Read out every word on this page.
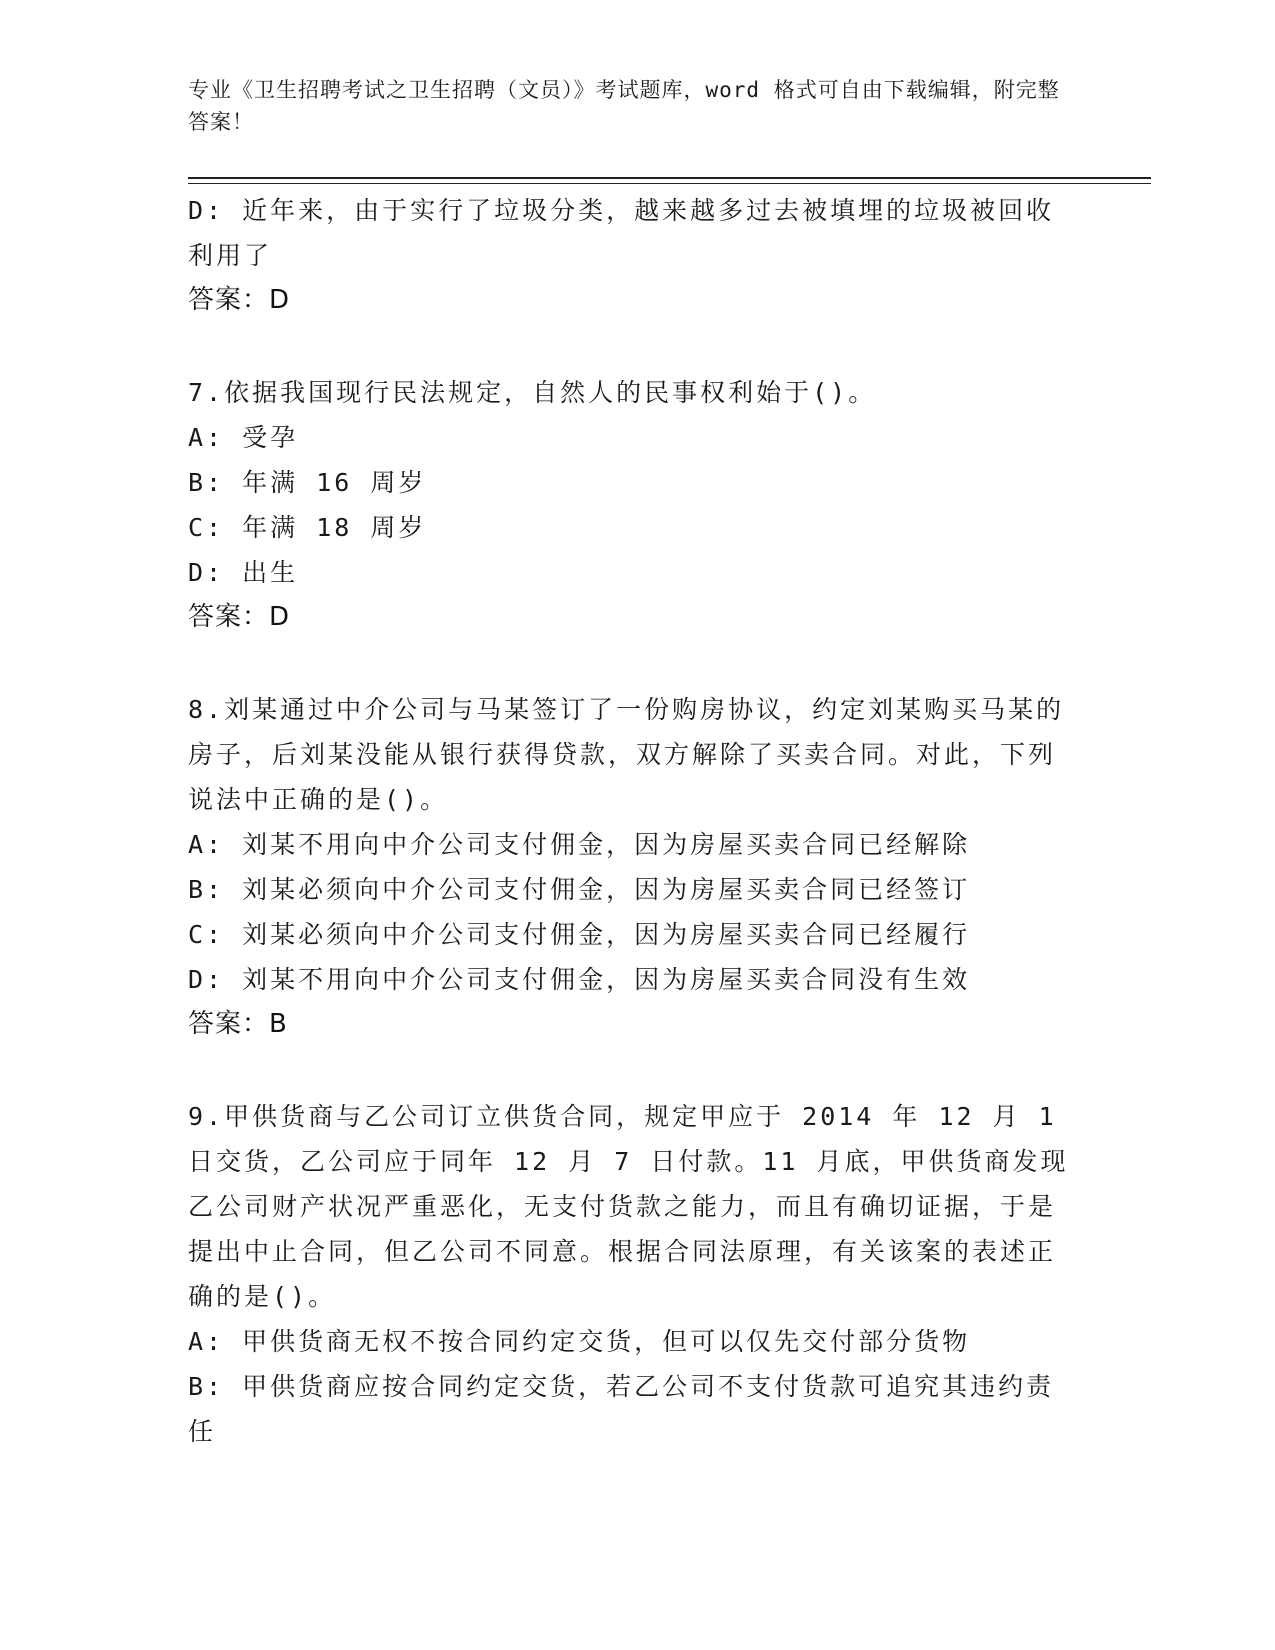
专业《卫生招聘考试之卫生招聘（文员）》考试题库，word 格式可自由下载编辑，附完整答案！
D: 近年来，由于实行了垃圾分类，越来越多过去被填埋的垃圾被回收利用了
答案：D
7.依据我国现行民法规定，自然人的民事权利始于()。
A: 受孕
B: 年满 16 周岁
C: 年满 18 周岁
D: 出生
答案：D
8.刘某通过中介公司与马某签订了一份购房协议，约定刘某购买马某的房子，后刘某没能从银行获得贷款，双方解除了买卖合同。对此，下列说法中正确的是()。
A: 刘某不用向中介公司支付佣金，因为房屋买卖合同已经解除
B: 刘某必须向中介公司支付佣金，因为房屋买卖合同已经签订
C: 刘某必须向中介公司支付佣金，因为房屋买卖合同已经履行
D: 刘某不用向中介公司支付佣金，因为房屋买卖合同没有生效
答案：B
9.甲供货商与乙公司订立供货合同，规定甲应于 2014 年 12 月 1 日交货，乙公司应于同年 12 月 7 日付款。11 月底，甲供货商发现乙公司财产状况严重恶化，无支付货款之能力，而且有确切证据，于是提出中止合同，但乙公司不同意。根据合同法原理，有关该案的表述正确的是()。
A: 甲供货商无权不按合同约定交货，但可以仅先交付部分货物
B: 甲供货商应按合同约定交货，若乙公司不支付货款可追究其违约责任
